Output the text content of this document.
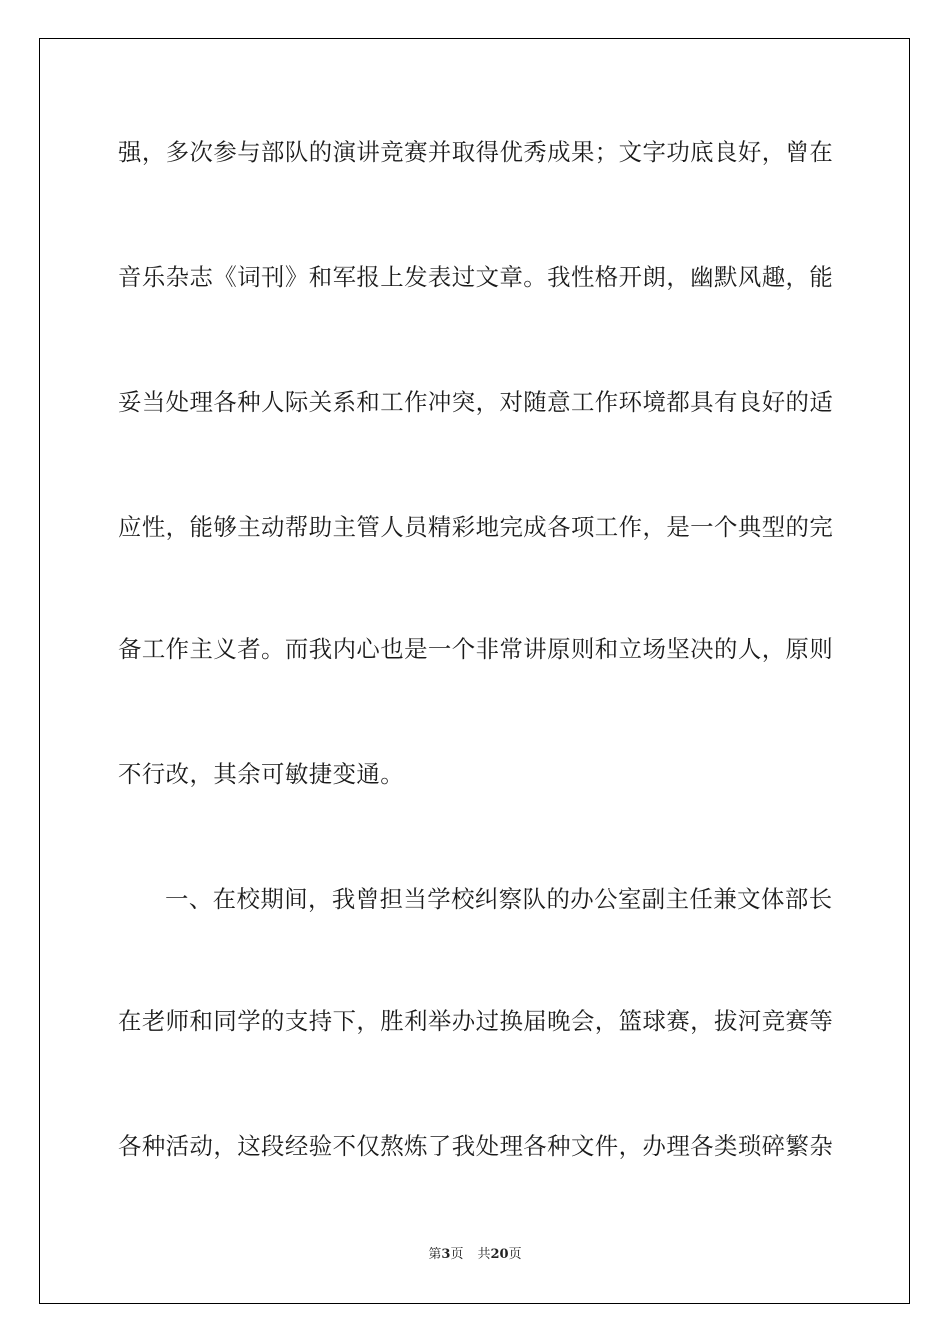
强，多次参与部队的演讲竞赛并取得优秀成果；文字功底良好，曾在
音乐杂志《词刊》和军报上发表过文章。我性格开朗，幽默风趣，能
妥当处理各种人际关系和工作冲突，对随意工作环境都具有良好的适
应性，能够主动帮助主管人员精彩地完成各项工作，是一个典型的完
备工作主义者。而我内心也是一个非常讲原则和立场坚决的人，原则
不行改，其余可敏捷变通。
一、在校期间，我曾担当学校纠察队的办公室副主任兼文体部长
在老师和同学的支持下，胜利举办过换届晚会，篮球赛，拔河竞赛等
各种活动，这段经验不仅熬炼了我处理各种文件，办理各类琐碎繁杂
第3页 共20页
